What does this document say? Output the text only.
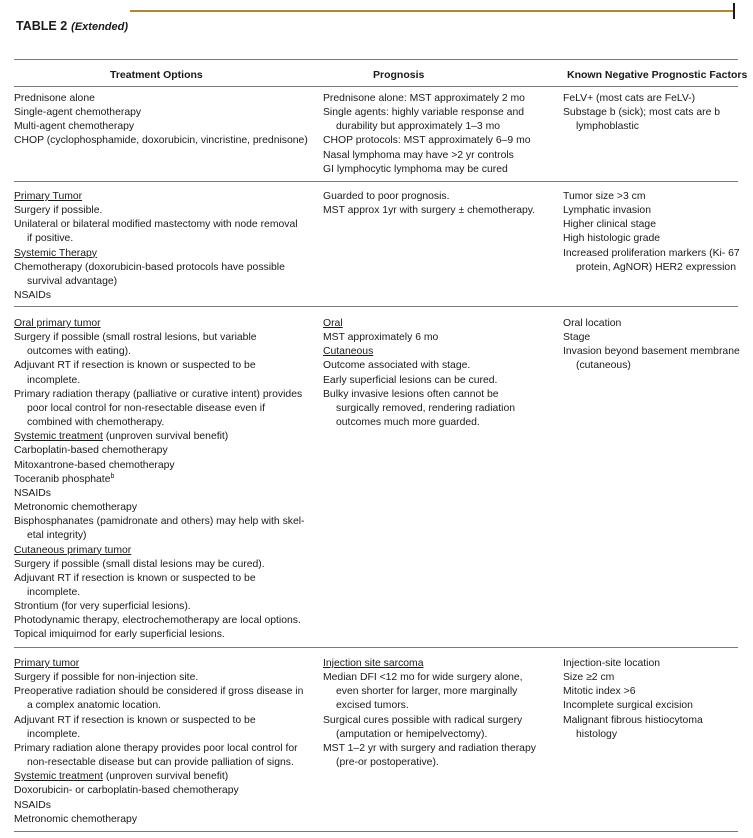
TABLE 2 (Extended)
Treatment Options	Prognosis	Known Negative Prognostic Factors
Prednisone alone
Single-agent chemotherapy
Multi-agent chemotherapy
CHOP (cyclophosphamide, doxorubicin, vincristine, prednisone)
Prednisone alone: MST approximately 2 mo
Single agents: highly variable response and
durability but approximately 1–3 mo
CHOP protocols: MST approximately 6–9 mo
Nasal lymphoma may have >2 yr controls
GI lymphocytic lymphoma may be cured
FeLV+ (most cats are FeLV-)
Substage b (sick); most cats are b
lymphoblastic
Primary Tumor
Surgery if possible.
Unilateral or bilateral modified mastectomy with node removal
if positive.
Systemic Therapy
Chemotherapy (doxorubicin-based protocols have possible
survival advantage)
NSAIDs
Guarded to poor prognosis.
MST approx 1yr with surgery ± chemotherapy.
Tumor size >3 cm
Lymphatic invasion
Higher clinical stage
High histologic grade
Increased proliferation markers (Ki- 67
protein, AgNOR) HER2 expression
Oral primary tumor
Surgery if possible (small rostral lesions, but variable
outcomes with eating).
Adjuvant RT if resection is known or suspected to be
incomplete.
Primary radiation therapy (palliative or curative intent) provides
poor local control for non-resectable disease even if
combined with chemotherapy.
Systemic treatment (unproven survival benefit)
Carboplatin-based chemotherapy
Mitoxantrone-based chemotherapy
Toceranib phosphate$^b$
NSAIDs
Metronomic chemotherapy
Bisphosphanates (pamidronate and others) may help with skel-
etal integrity)
Cutaneous primary tumor
Surgery if possible (small distal lesions may be cured).
Adjuvant RT if resection is known or suspected to be
incomplete.
Strontium (for very superficial lesions).
Photodynamic therapy, electrochemotherapy are local options.
Topical imiquimod for early superficial lesions.
Oral
MST approximately 6 mo
Cutaneous
Outcome associated with stage.
Early superficial lesions can be cured.
Bulky invasive lesions often cannot be
surgically removed, rendering radiation
outcomes much more guarded.
Oral location
Stage
Invasion beyond basement membrane
(cutaneous)
Primary tumor
Surgery if possible for non-injection site.
Preoperative radiation should be considered if gross disease in
a complex anatomic location.
Adjuvant RT if resection is known or suspected to be
incomplete.
Primary radiation alone therapy provides poor local control for
non-resectable disease but can provide palliation of signs.
Systemic treatment (unproven survival benefit)
Doxorubicin- or carboplatin-based chemotherapy
NSAIDs
Metronomic chemotherapy
Injection site sarcoma
Median DFI <12 mo for wide surgery alone,
even shorter for larger, more marginally
excised tumors.
Surgical cures possible with radical surgery
(amputation or hemipelvectomy).
MST 1–2 yr with surgery and radiation therapy
(pre-or postoperative).
Injection-site location
Size ≥2 cm
Mitotic index >6
Incomplete surgical excision
Malignant fibrous histiocytoma
histology
